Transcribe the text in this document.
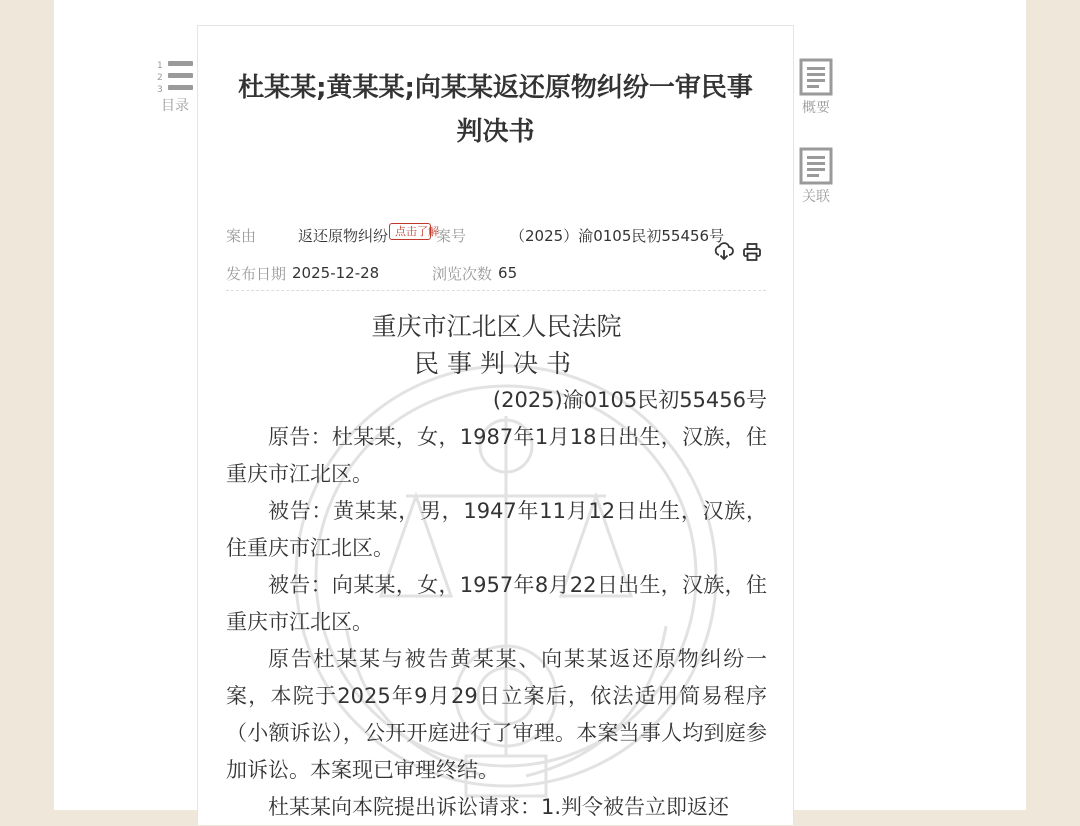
1
2
3
目录	概要
关联
杜某某;黄某某;向某某返还原物纠纷一审民事判决书
案由	返还原物纠纷 点击了解
案号	（2025）渝0105民初55456号
发布日期 2025-12-28	浏览次数 65
重庆市江北区人民法院
民事判决书
(2025)渝0105民初55456号

原告：杜某某，女，1987年1月18日出生，汉族，住重庆市江北区。

被告：黄某某，男，1947年11月12日出生，汉族，住重庆市江北区。

被告：向某某，女，1957年8月22日出生，汉族，住重庆市江北区。

原告杜某某与被告黄某某、向某某返还原物纠纷一案，本院于2025年9月29日立案后，依法适用简易程序（小额诉讼），公开开庭进行了审理。本案当事人均到庭参加诉讼。本案现已审理终结。

杜某某向本院提出诉讼请求：1.判令被告立即返还
